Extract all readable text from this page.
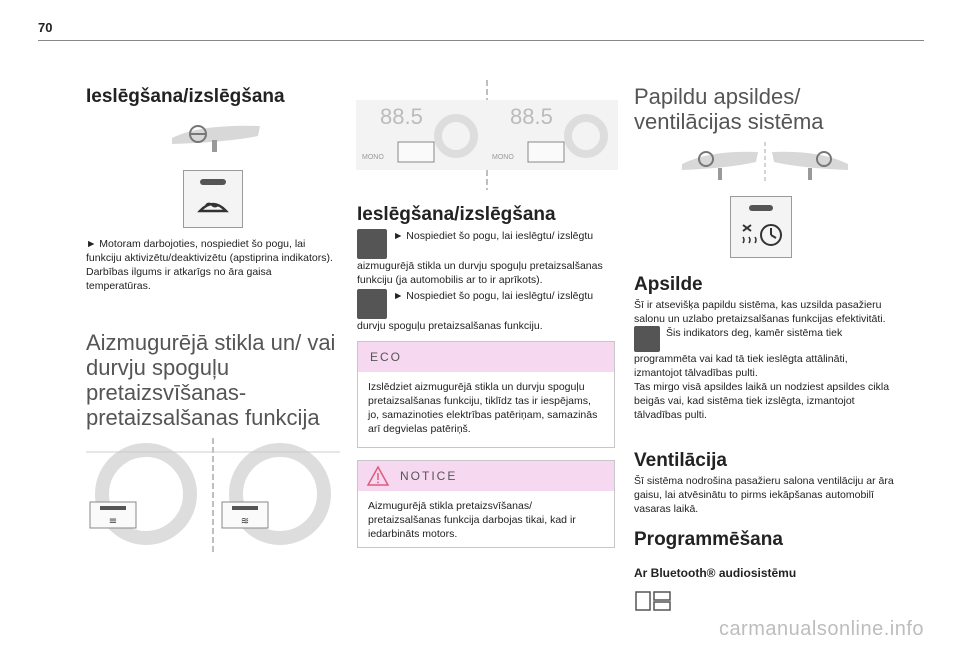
70
Ieslēgšana/izslēgšana

► Motoram darbojoties, nospiediet šo pogu, lai funkciju aktivizētu/deaktivizētu (apstiprina indikators).

Darbības ilgums ir atkarīgs no āra gaisa temperatūras.

Aizmugurējā stikla un/ vai durvju spoguļu pretaizsvīšanas-pretaizsalšanas funkcija
≡	≋
88.5	88.5
MONO	MONO
Ieslēgšana/izslēgšana

► Nospiediet šo pogu, lai ieslēgtu/ izslēgtu aizmugurējā stikla un durvju spoguļu pretaizsalšanas funkciju (ja automobilis ar to ir aprīkots).

► Nospiediet šo pogu, lai ieslēgtu/ izslēgtu durvju spoguļu pretaizsalšanas funkciju.

ECO
Izslēdziet aizmugurējā stikla un durvju spoguļu pretaizsalšanas funkciju, tiklīdz tas ir iespējams, jo, samazinoties elektrības patēriņam, samazinās arī degvielas patēriņš.
NOTICE
Aizmugurējā stikla pretaizsvīšanas/ pretaizsalšanas funkcija darbojas tikai, kad ir iedarbināts motors.
Papildu apsildes/ ventilācijas sistēma
Apsilde

Šī ir atsevišķa papildu sistēma, kas uzsilda pasažieru salonu un uzlabo pretaizsalšanas funkcijas efektivitāti.

Šis indikators deg, kamēr sistēma tiek programmēta vai kad tā tiek ieslēgta attālināti, izmantojot tālvadības pulti.

Tas mirgo visā apsildes laikā un nodziest apsildes cikla beigās vai, kad sistēma tiek izslēgta, izmantojot tālvadības pulti.

Ventilācija
Šī sistēma nodrošina pasažieru salona ventilāciju ar āra gaisu, lai atvēsinātu to pirms iekāpšanas automobilī vasaras laikā.
Programmēšana
Ar Bluetooth® audiosistēmu
carmanualsonline.info
